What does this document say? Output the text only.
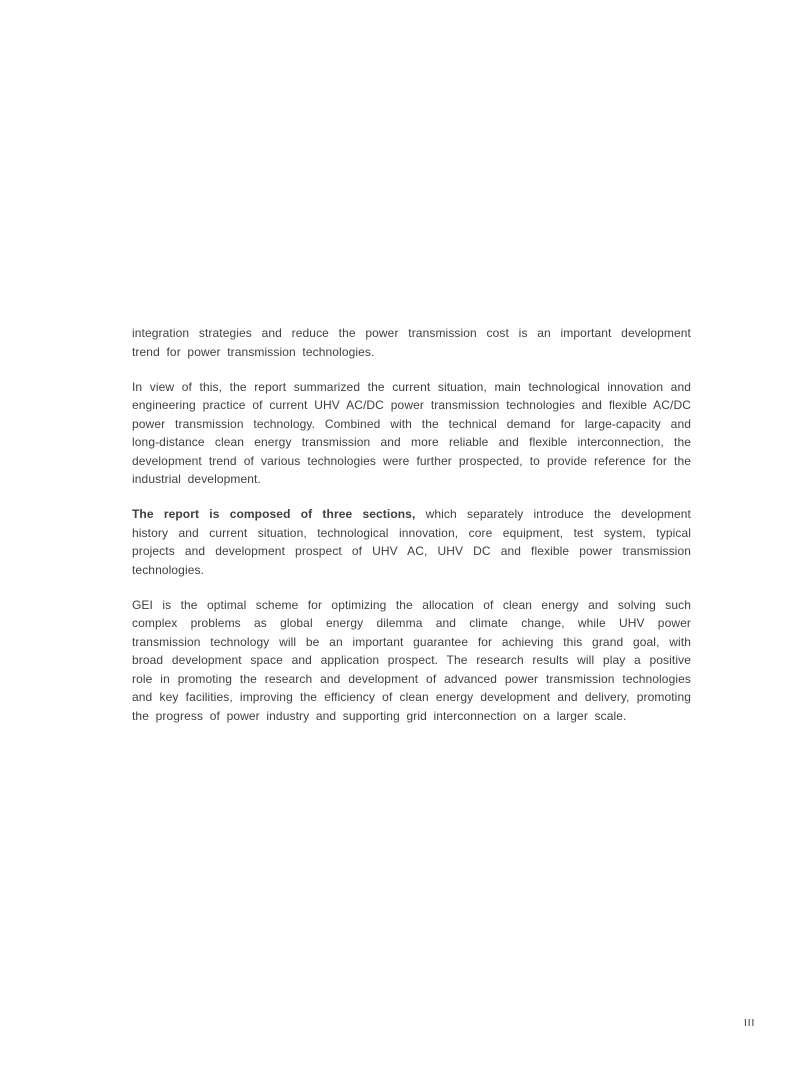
integration strategies and reduce the power transmission cost is an important development trend for power transmission technologies.

In view of this, the report summarized the current situation, main technological innovation and engineering practice of current UHV AC/DC power transmission technologies and flexible AC/DC power transmission technology. Combined with the technical demand for large-capacity and long-distance clean energy transmission and more reliable and flexible interconnection, the development trend of various technologies were further prospected, to provide reference for the industrial development.

The report is composed of three sections, which separately introduce the development history and current situation, technological innovation, core equipment, test system, typical projects and development prospect of UHV AC, UHV DC and flexible power transmission technologies.

GEI is the optimal scheme for optimizing the allocation of clean energy and solving such complex problems as global energy dilemma and climate change, while UHV power transmission technology will be an important guarantee for achieving this grand goal, with broad development space and application prospect. The research results will play a positive role in promoting the research and development of advanced power transmission technologies and key facilities, improving the efficiency of clean energy development and delivery, promoting the progress of power industry and supporting grid interconnection on a larger scale.

III
